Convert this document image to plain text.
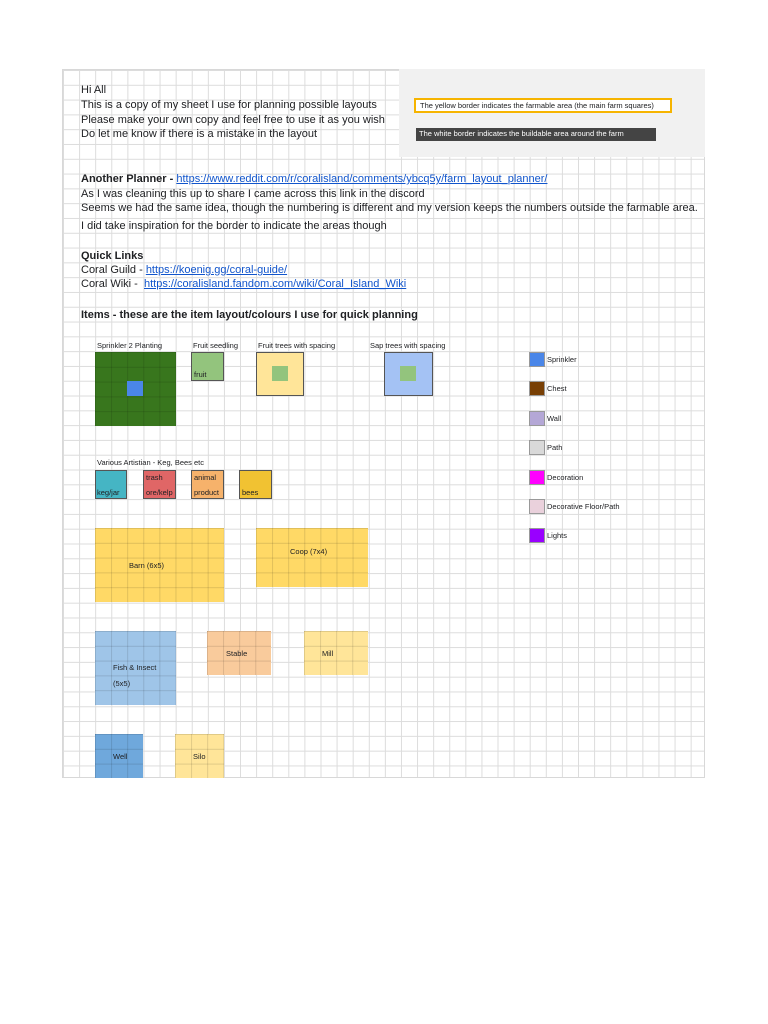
Hi All
This is a copy of my sheet I use for planning possible layouts
Please make your own copy and feel free to use it as you wish
Do let me know if there is a mistake in the layout
The yellow border indicates the farmable area (the main farm squares)
The white border indicates the buildable area around the farm
Another Planner - https://www.reddit.com/r/coralisland/comments/ybcq5y/farm_layout_planner/
As I was cleaning this up to share I came across this link in the discord
Seems we had the same idea, though the numbering is different and my version keeps the numbers outside the farmable area.
I did take inspiration for the border to indicate the areas though
Quick Links
Coral Guild - https://koenig.gg/coral-guide/
Coral Wiki - https://coralisland.fandom.com/wiki/Coral_Island_Wiki
Items - these are the item layout/colours I use for quick planning
Sprinkler 2 Planting	Fruit seedling	Fruit trees with spacing	Sap trees with spacing
fruit
Sprinkler
Chest
Wall
Path
Decoration
Decorative Floor/Path
Lights
Various Artistian - Keg, Bees etc
keg/jar
trash
ore/kelp
animal
product	bees
Barn (6x5)
Coop (7x4)
Fish & Insect
(5x5)
Stable	Mill
Well	Silo
